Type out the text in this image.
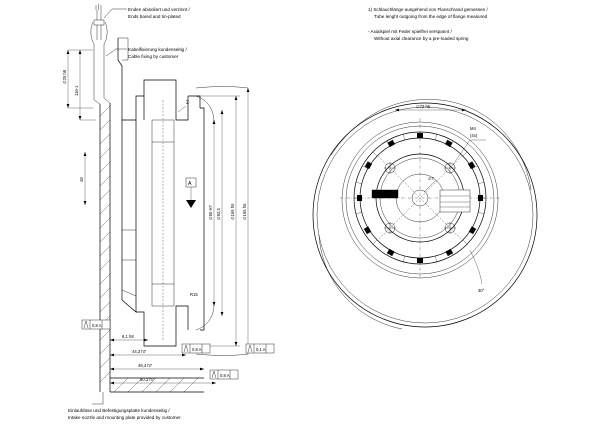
Enden abisoliert und verzinnt /
Ends bared and tin-plated
Kabelfixierung kundenseitig /
Cable fixing by customer
1) Schlauchlänge ausgehend von Flanschrand gemessen /
Tube lenght outgoing from the edge of flange measured
- Axialspiel mit Feder spielfrei verspannt /
Without axial clearance by a pre-loaded spring
∅25 h8
116-1
48
A
2
R15
∅90 H7 ∅92,5 ∅165 h5 ∅165 h5
6,1 h8
44,3 h7
48,4 h7
50,3 h7
0,8 A
0,8 A	0,1 A
0,8 A
Einlaufdüse und Befestigungsplatte kundenseitig /
Intake nozzle and mounting plate provided by customer
PAPST
∅72 h5
M4
(4x)
∅7
30°
